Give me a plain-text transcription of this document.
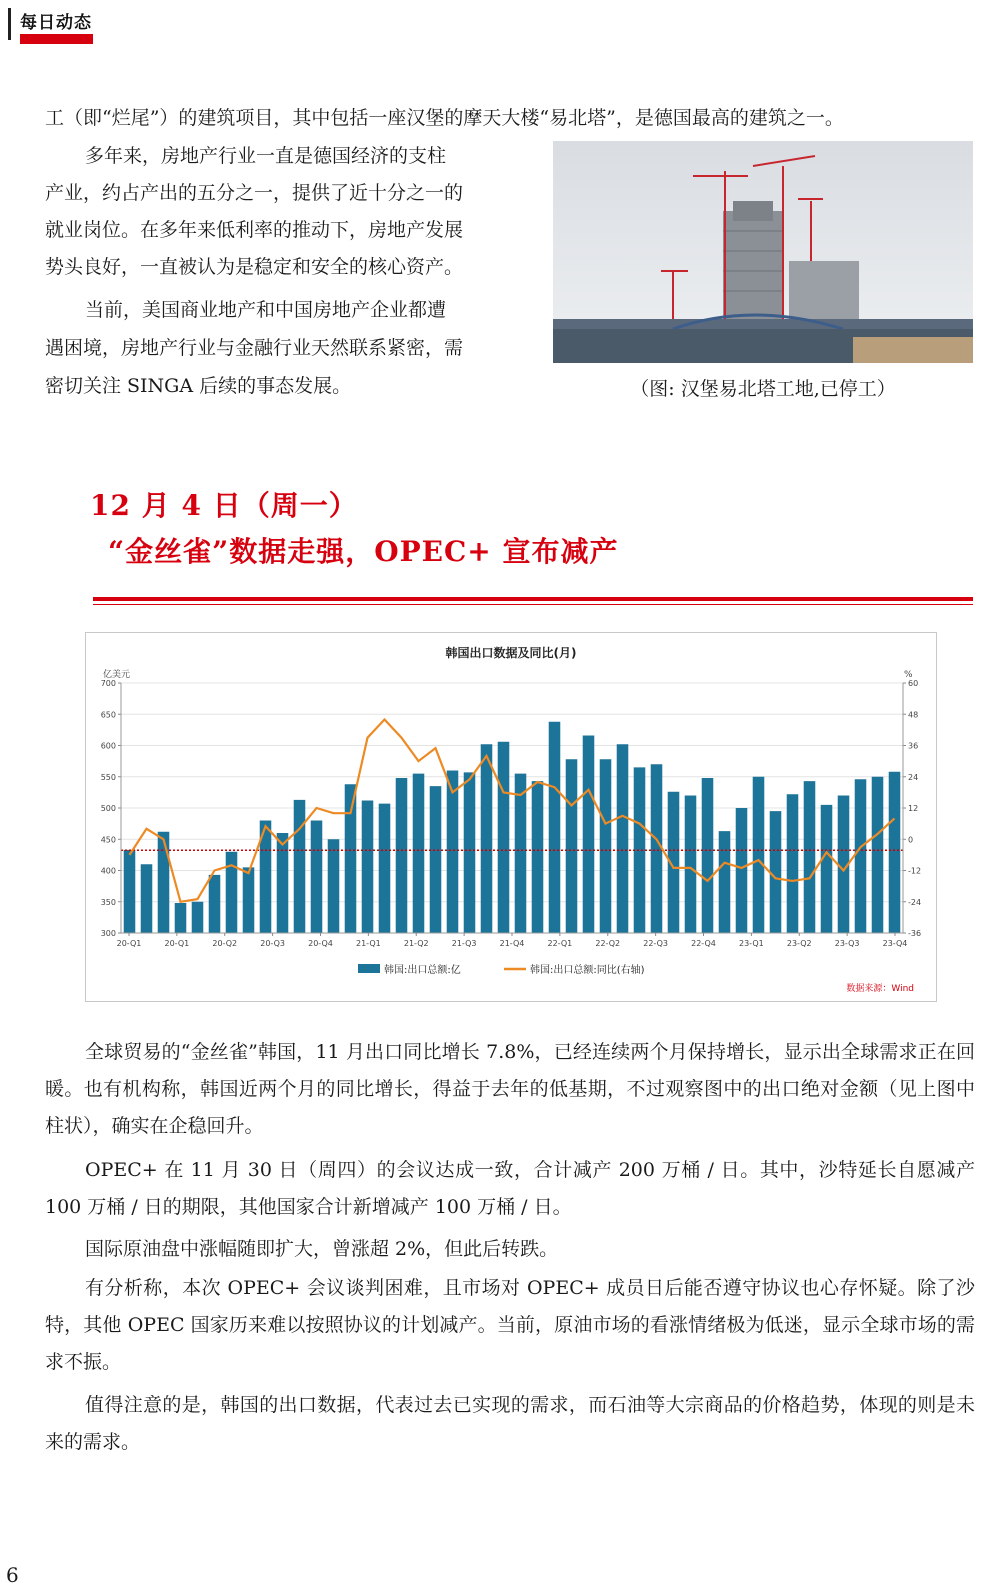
每日动态

工（即“烂尾”）的建筑项目，其中包括一座汉堡的摩天大楼“易北塔”，是德国最高的建筑之一。

多年来，房地产行业一直是德国经济的支柱

产业，约占产出的五分之一，提供了近十分之一的

就业岗位。在多年来低利率的推动下，房地产发展

势头良好，一直被认为是稳定和安全的核心资产。

当前，美国商业地产和中国房地产企业都遭

遇困境，房地产行业与金融行业天然联系紧密，需

密切关注 SINGA 后续的事态发展。	（图: 汉堡易北塔工地,已停工）
12 月 4 日（周一）
“金丝雀”数据走强，OPEC+ 宣布减产
韩国出口数据及同比(月)
亿美元	%
300
350
400
450
500
550
600
650
700
-36
-24
-12
0
12
24
36
48
60
20-Q1	20-Q1	20-Q2	20-Q3	20-Q4	21-Q1	21-Q2	21-Q3	21-Q4	22-Q1	22-Q2	22-Q3	22-Q4	23-Q1	23-Q2	23-Q3	23-Q4
韩国:出口总额:亿	韩国:出口总额:同比(右轴)
数据来源：Wind

全球贸易的“金丝雀”韩国，11 月出口同比增长 7.8%，已经连续两个月保持增长，显示出全球需求正在回暖。也有机构称，韩国近两个月的同比增长，得益于去年的低基期，不过观察图中的出口绝对金额（见上图中柱状），确实在企稳回升。

OPEC+ 在 11 月 30 日（周四）的会议达成一致，合计减产 200 万桶 / 日。其中，沙特延长自愿减产 100 万桶 / 日的期限，其他国家合计新增减产 100 万桶 / 日。

国际原油盘中涨幅随即扩大，曾涨超 2%，但此后转跌。

有分析称，本次 OPEC+ 会议谈判困难，且市场对 OPEC+ 成员日后能否遵守协议也心存怀疑。除了沙特，其他 OPEC 国家历来难以按照协议的计划减产。当前，原油市场的看涨情绪极为低迷，显示全球市场的需求不振。

值得注意的是，韩国的出口数据，代表过去已实现的需求，而石油等大宗商品的价格趋势，体现的则是未来的需求。

6
